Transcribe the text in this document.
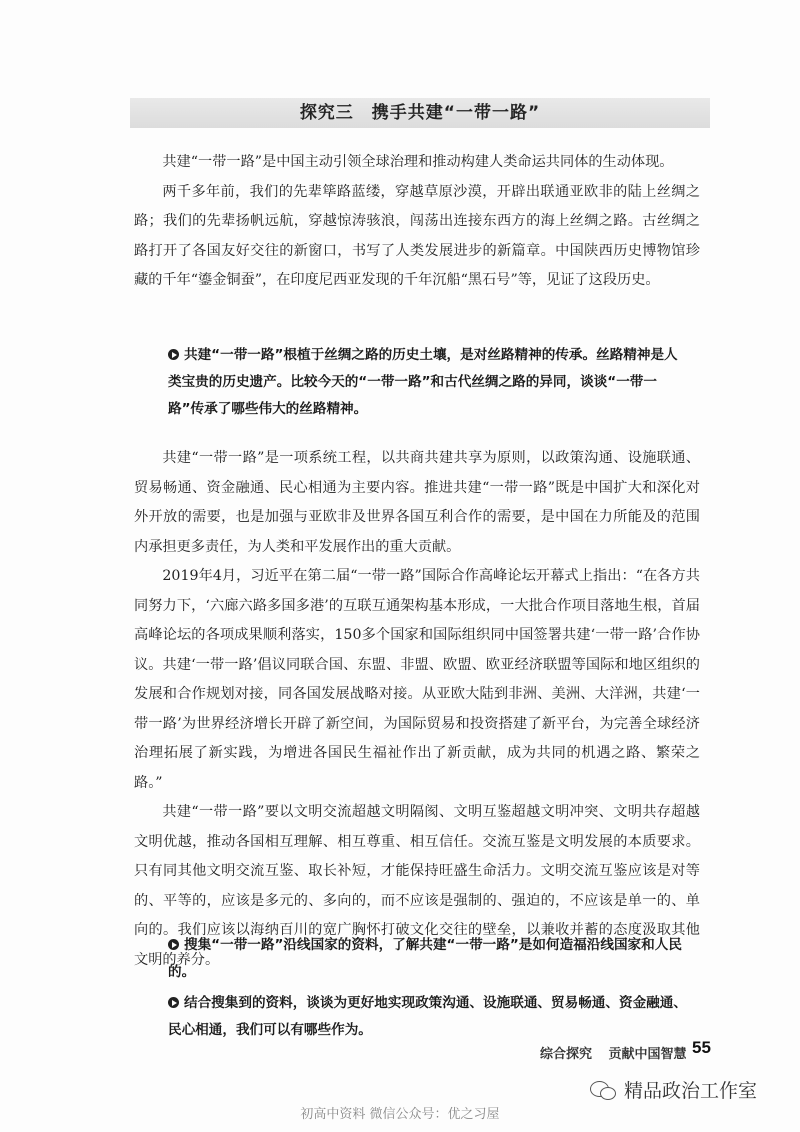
探究三　携手共建“一带一路”

共建“一带一路”是中国主动引领全球治理和推动构建人类命运共同体的生动体现。

两千多年前，我们的先辈筚路蓝缕，穿越草原沙漠，开辟出联通亚欧非的陆上丝绸之路；我们的先辈扬帆远航，穿越惊涛骇浪，闯荡出连接东西方的海上丝绸之路。古丝绸之路打开了各国友好交往的新窗口，书写了人类发展进步的新篇章。中国陕西历史博物馆珍藏的千年“鎏金铜蚕”，在印度尼西亚发现的千年沉船“黑石号”等，见证了这段历史。

共建“一带一路”根植于丝绸之路的历史土壤，是对丝路精神的传承。丝路精神是人类宝贵的历史遗产。比较今天的“一带一路”和古代丝绸之路的异同，谈谈“一带一路”传承了哪些伟大的丝路精神。

共建“一带一路”是一项系统工程，以共商共建共享为原则，以政策沟通、设施联通、贸易畅通、资金融通、民心相通为主要内容。推进共建“一带一路”既是中国扩大和深化对外开放的需要，也是加强与亚欧非及世界各国互利合作的需要，是中国在力所能及的范围内承担更多责任，为人类和平发展作出的重大贡献。

2019年4月，习近平在第二届“一带一路”国际合作高峰论坛开幕式上指出：“在各方共同努力下，‘六廊六路多国多港’的互联互通架构基本形成，一大批合作项目落地生根，首届高峰论坛的各项成果顺利落实，150多个国家和国际组织同中国签署共建‘一带一路’合作协议。共建‘一带一路’倡议同联合国、东盟、非盟、欧盟、欧亚经济联盟等国际和地区组织的发展和合作规划对接，同各国发展战略对接。从亚欧大陆到非洲、美洲、大洋洲，共建‘一带一路’为世界经济增长开辟了新空间，为国际贸易和投资搭建了新平台，为完善全球经济治理拓展了新实践，为增进各国民生福祉作出了新贡献，成为共同的机遇之路、繁荣之路。”

共建“一带一路”要以文明交流超越文明隔阂、文明互鉴超越文明冲突、文明共存超越文明优越，推动各国相互理解、相互尊重、相互信任。交流互鉴是文明发展的本质要求。只有同其他文明交流互鉴、取长补短，才能保持旺盛生命活力。文明交流互鉴应该是对等的、平等的，应该是多元的、多向的，而不应该是强制的、强迫的，不应该是单一的、单向的。我们应该以海纳百川的宽广胸怀打破文化交往的壁垒，以兼收并蓄的态度汲取其他文明的养分。

搜集“一带一路”沿线国家的资料，了解共建“一带一路”是如何造福沿线国家和人民的。

结合搜集到的资料，谈谈为更好地实现政策沟通、设施联通、贸易畅通、资金融通、民心相通，我们可以有哪些作为。

综合探究 贡献中国智慧 55
精品政治工作室
初高中资料 微信公众号：优之习屋
